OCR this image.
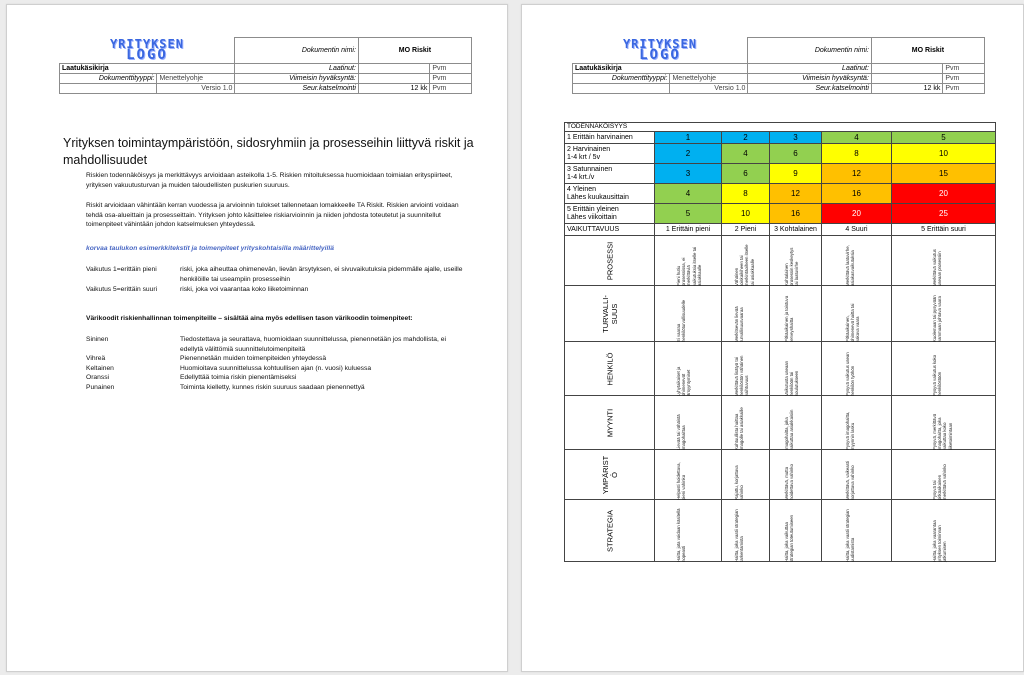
YRITYKSEN
LOGO		Dokumentin nimi:	MO Riskit	

Laatukäsikirja		Laatinut:		Pvm
Dokumenttityyppi:	Menettelyohje	Viimeisin hyväksyntä:		Pvm
	Versio 1.0	Seur.katselmointi	12 kk	Pvm
Yrityksen toimintaympäristöön, sidosryhmiin ja prosesseihin liittyvä riskit ja mahdollisuudet
Riskien todennäköisyys ja merkittävyys arvioidaan asteikolla 1-5. Riskien mitoituksessa huomioidaan toimialan erityspiirteet, yrityksen vakuutusturvan ja muiden taloudellisten puskurien suuruus.
Riskit arvioidaan vähintään kerran vuodessa ja arvioinnin tulokset tallennetaan lomakkeelle TA Riskit. Riskien arviointi voidaan tehdä osa-alueittain ja prosesseittain. Yrityksen johto käsittelee riskiarvioinnin ja niiden johdosta toteutetut ja suunnitellut toimenpiteet vähintään johdon katselmuksen yhteydessä.
korvaa taulukon esimerkkitekstit ja toimenpiteet yrityskohtaisilla määrittelyillä
Vaikutus 1=erittäin pieni	riski, joka aiheuttaa ohimenevän, lievän ärsytyksen, ei sivuvaikutuksia pidemmälle ajalle, useille henkilöille tai useampiin prosesseihin
Vaikutus 5=erittäin suuri	riski, joka voi vaarantaa koko liiketoiminnan
Värikoodit riskienhallinnan toimenpiteille – sisältää aina myös edellisen tason värikoodin toimenpiteet:
Sininen	Tiedostettava ja seurattava, huomioidaan suunnittelussa, pienennetään jos mahdollista, ei edellytä välittömiä suunnittelutoimenpiteitä
Vihreä	Pienennetään muiden toimenpiteiden yhteydessä
Keltainen	Huomioitava suunnittelussa kohtuullisen ajan (n. vuosi) kuluessa
Oranssi	Edellyttää toimia riskin pienentämiseksi
Punainen	Toiminta kielletty, kunnes riskin suuruus saadaan pienennettyä
YRITYKSEN
LOGO		Dokumentin nimi:	MO Riskit	
Laatukäsikirja		Laatinut:		Pvm
Dokumenttityyppi:	Menettelyohje	Viimeisin hyväksyntä:		Pvm
	Versio 1.0	Seur.katselmointi	12 kk	Pvm
TODENNÄKÖISYYS					
1 Erittäin harvinainen	1	2	3	4	5
2 Harvinainen
1-4 krt / 5v	2	4	6	8	10
3 Satunnainen
1-4 krt./v	3	6	9	12	15
4 Yleinen
Lähes kuukausittain	4	8	12	16	20
5 Erittäin yleinen
Lähes viikoittain	5	10	16	20	25
VAIKUTTAVUUS	1 Erittäin pieni	2 Pieni	3 Kohtalainen	4 Suuri	5 Erittäin suuri

PROSESSI	Pieni hutiu prosessissa, ei merkittäviä vaikutuksia itselle tai asiakkaalle	Vähäinen toiskaikiheen tai merkintäoiheen itselle tai asiakkaalle	Kohtalainen prosessin keskeytys tai laatuvirhe	Merkittävä laatuvirhe, asiakasvaikutuksia	Merkittävä vaikutus useaan prosessiin

TURVALLI-
SUUS	Ei vaaraa henkilöturvallisuudelle	Merkitsevän lievää turvallisuusvaaraa	Pitkäaikainen ja toistuva terveyshaitta	Pitkäaikainen, ohimenevä haitta tai vakava vaara	Kuolemaan tai pysyvään vammaan johtava vaara

HENKILÖ	Lyhytaikaiset ja ohimenevät ärsyyntymiset	Merkittävä lisätyö tai henkilöstön vähäinen vaihtuvuus	Vaikutusta useaan henkilöön tai koulutukseen	Pysyvä vaikutus usean henkilön työhön	Pysyvä vaikutus koko henkilöstöön

MYYNTI	Lievää tai vähäistä imagohaittaa	Kohtuullista haittaa imagolle tai asiakkaille	Imagohaitta, joka vaikuttaa asiakkaisiin	Pysyvä imagohaitta, myynnin lasku	Pysyvä, merkittävä imagohaitta, joka vaikuttaa koko liiketoimintaan

YMPÄRIST
Ö	Helposti hoidettava, pieni vahinko	Rajattu, korjattava vahinko	Merkittävä, mutta hoidettava vahinko	Merkittävä, vaikeasti korjattava vahinko	Pysyvä tai pitkäaikainen merkittävä vahinko

STRATEGIA	Haitta, jota voidaan käsitellä nopeasti	Haitta, joka vaatii strategian tarkentamista	Haitta, joka vaikuttaa strategian toteutumiseen	Haitta, joka vaatii strategian uudistamista	Haitta, joka vaarantaa yrityksen toiminnan jatkumisen
